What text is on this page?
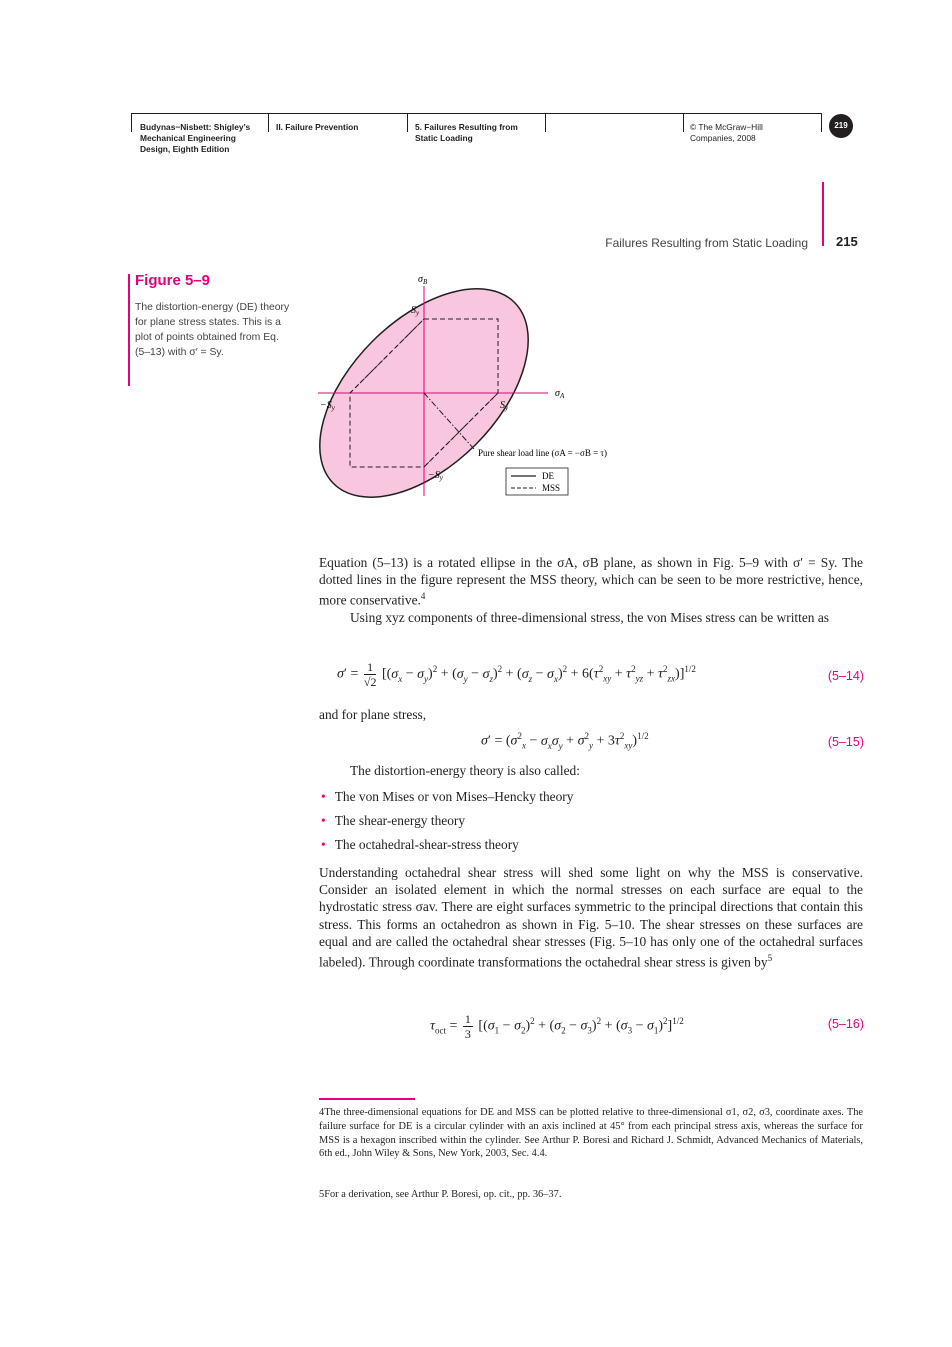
Budynas−Nisbett: Shigley’s
Mechanical Engineering
Design, Eighth Edition
II. Failure Prevention	5. Failures Resulting from
Static Loading
© The McGraw−Hill
Companies, 2008
219
Failures Resulting from Static Loading 215
Figure 5–9
The distortion-energy (DE) theory for plane stress states. This is a plot of points obtained from Eq. (5–13) with σ′ = Sy.
$\sigma_B$
$\sigma_A$
$S_y$
$S_y$
$-S_y$
$-S_y$
Pure shear load line (σA = −σB = τ)
DE
MSS
Equation (5–13) is a rotated ellipse in the σA, σB plane, as shown in Fig. 5–9 with σ′ = Sy. The dotted lines in the figure represent the MSS theory, which can be seen to be more restrictive, hence, more conservative.$^4$
Using xyz components of three-dimensional stress, the von Mises stress can be written as
$\sigma' = \frac{1}{√2} [(\sigma_x - \sigma_y)^2 + (\sigma_y - \sigma_z)^2 + (\sigma_z - \sigma_x)^2 + 6(\tau^2_{xy} + \tau^2_{yz} + \tau^2_{zx})]^{1/2}$	(5–14)
and for plane stress,
$\sigma' = (\sigma^2_x - \sigma_x\sigma_y + \sigma^2_y + 3\tau^2_{xy})^{1/2}$	(5–15)
The distortion-energy theory is also called:
• The von Mises or von Mises–Hencky theory
• The shear-energy theory
• The octahedral-shear-stress theory
Understanding octahedral shear stress will shed some light on why the MSS is conservative. Consider an isolated element in which the normal stresses on each surface are equal to the hydrostatic stress σav. There are eight surfaces symmetric to the principal directions that contain this stress. This forms an octahedron as shown in Fig. 5–10. The shear stresses on these surfaces are equal and are called the octahedral shear stresses (Fig. 5–10 has only one of the octahedral surfaces labeled). Through coordinate transformations the octahedral shear stress is given $by^5$
$\tau_{oct} = \frac{1}{3} [(\sigma_1 - \sigma_2)^2 + (\sigma_2 - \sigma_3)^2 + (\sigma_3 - \sigma_1)^2]^{1/2}$	(5–16)
4The three-dimensional equations for DE and MSS can be plotted relative to three-dimensional σ1, σ2, σ3, coordinate axes. The failure surface for DE is a circular cylinder with an axis inclined at 45° from each principal stress axis, whereas the surface for MSS is a hexagon inscribed within the cylinder. See Arthur P. Boresi and Richard J. Schmidt, Advanced Mechanics of Materials, 6th ed., John Wiley & Sons, New York, 2003, Sec. 4.4.
5For a derivation, see Arthur P. Boresi, op. cit., pp. 36–37.
